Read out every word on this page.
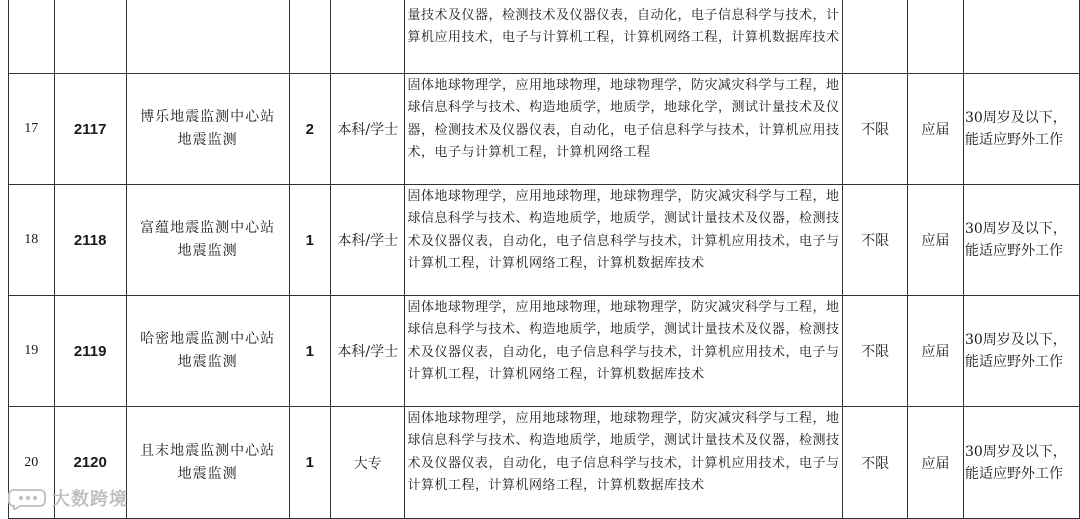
					量技术及仪器，检测技术及仪器仪表，自动化，电子信息科学与技术，计算机应用技术，电子与计算机工程，计算机网络工程，计算机数据库技术			
17	2117	博乐地震监测中心站地震监测	2	本科/学士	固体地球物理学，应用地球物理，地球物理学，防灾减灾科学与工程，地球信息科学与技术、构造地质学，地质学，地球化学，测试计量技术及仪器，检测技术及仪器仪表，自动化，电子信息科学与技术，计算机应用技术，电子与计算机工程，计算机网络工程	不限	应届	30周岁及以下，能适应野外工作
18	2118	富蕴地震监测中心站地震监测	1	本科/学士	固体地球物理学，应用地球物理，地球物理学，防灾减灾科学与工程，地球信息科学与技术、构造地质学，地质学，测试计量技术及仪器，检测技术及仪器仪表，自动化，电子信息科学与技术，计算机应用技术，电子与计算机工程，计算机网络工程，计算机数据库技术	不限	应届	30周岁及以下，能适应野外工作
19	2119	哈密地震监测中心站地震监测	1	本科/学士	固体地球物理学，应用地球物理，地球物理学，防灾减灾科学与工程，地球信息科学与技术、构造地质学，地质学，测试计量技术及仪器，检测技术及仪器仪表，自动化，电子信息科学与技术，计算机应用技术，电子与计算机工程，计算机网络工程，计算机数据库技术	不限	应届	30周岁及以下，能适应野外工作
20	2120	且末地震监测中心站地震监测	1	大专	固体地球物理学，应用地球物理，地球物理学，防灾减灾科学与工程，地球信息科学与技术、构造地质学，地质学，测试计量技术及仪器，检测技术及仪器仪表，自动化，电子信息科学与技术，计算机应用技术，电子与计算机工程，计算机网络工程，计算机数据库技术	不限	应届	30周岁及以下，能适应野外工作
大数跨境
